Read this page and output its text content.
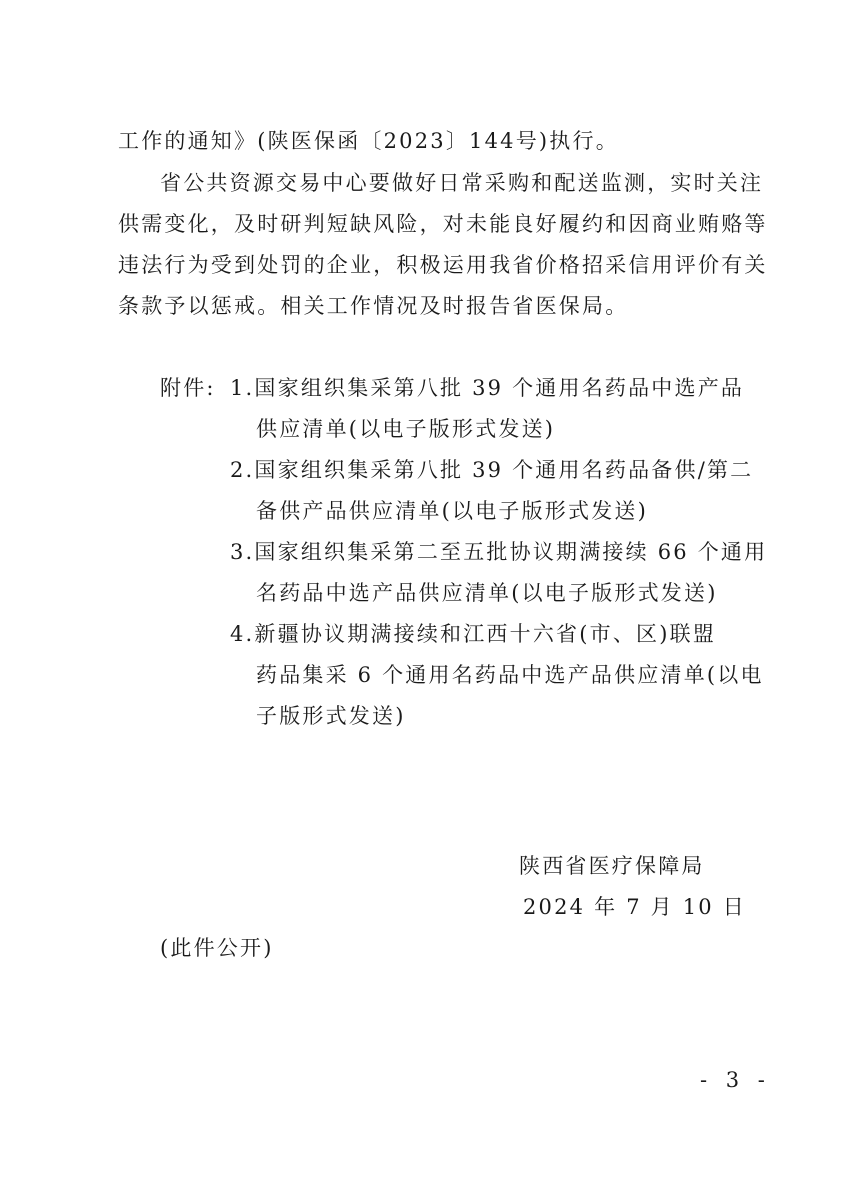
工作的通知》(陕医保函〔2023〕144号)执行。
省公共资源交易中心要做好日常采购和配送监测，实时关注
供需变化，及时研判短缺风险，对未能良好履约和因商业贿赂等
违法行为受到处罚的企业，积极运用我省价格招采信用评价有关
条款予以惩戒。相关工作情况及时报告省医保局。
附件: 1.国家组织集采第八批 39 个通用名药品中选产品
供应清单(以电子版形式发送)
2.国家组织集采第八批 39 个通用名药品备供/第二
备供产品供应清单(以电子版形式发送)
3.国家组织集采第二至五批协议期满接续 66 个通用
名药品中选产品供应清单(以电子版形式发送)
4.新疆协议期满接续和江西十六省(市、区)联盟
药品集采 6 个通用名药品中选产品供应清单(以电
子版形式发送)
陕西省医疗保障局
2024 年 7 月 10 日
(此件公开)
- 3 -
